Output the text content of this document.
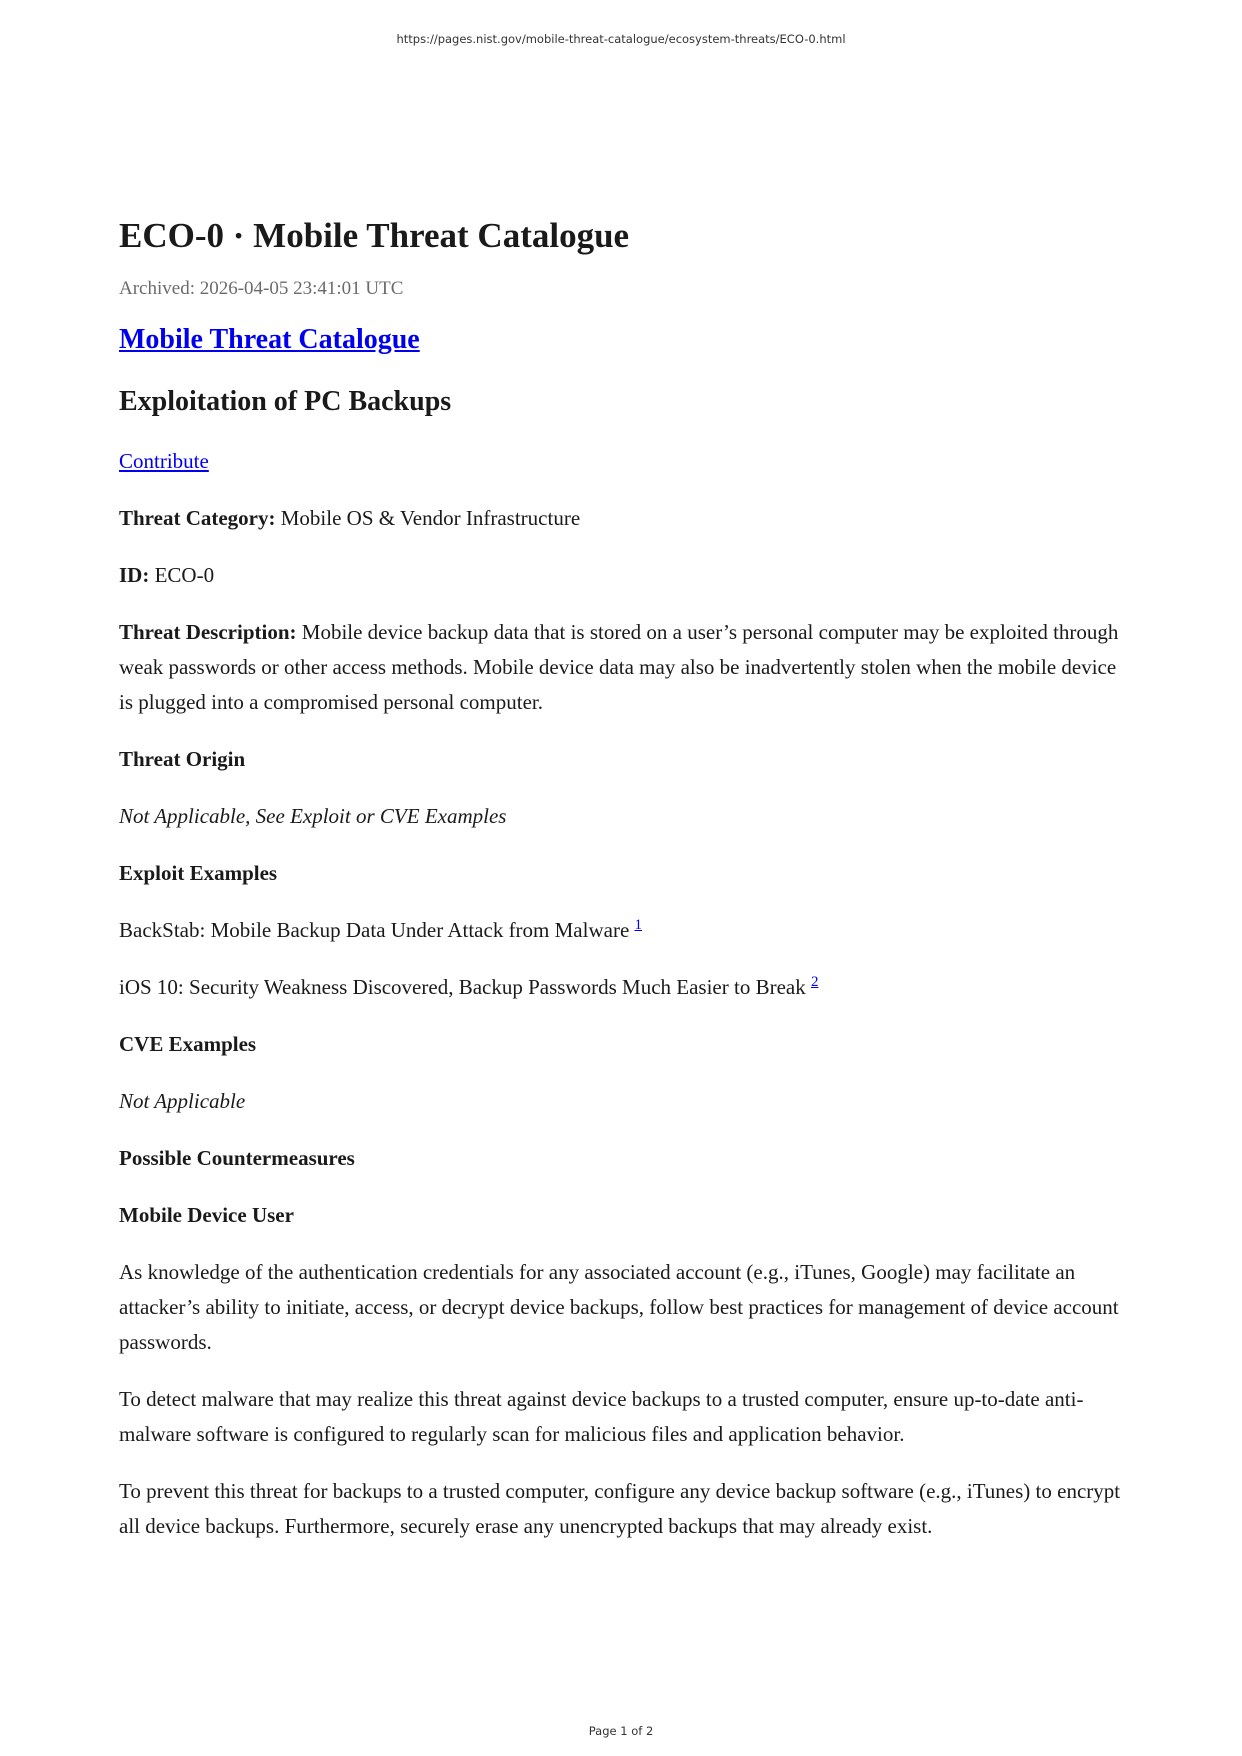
https://pages.nist.gov/mobile-threat-catalogue/ecosystem-threats/ECO-0.html
ECO-0 · Mobile Threat Catalogue
Archived: 2026-04-05 23:41:01 UTC
Mobile Threat Catalogue
Exploitation of PC Backups

Contribute

Threat Category: Mobile OS & Vendor Infrastructure

ID: ECO-0

Threat Description: Mobile device backup data that is stored on a user’s personal computer may be exploited through weak passwords or other access methods. Mobile device data may also be inadvertently stolen when the mobile device is plugged into a compromised personal computer.

Threat Origin

Not Applicable, See Exploit or CVE Examples

Exploit Examples

BackStab: Mobile Backup Data Under Attack from Malware $^1$

iOS 10: Security Weakness Discovered, Backup Passwords Much Easier to Break $^2$

CVE Examples

Not Applicable

Possible Countermeasures

Mobile Device User

As knowledge of the authentication credentials for any associated account (e.g., iTunes, Google) may facilitate an attacker’s ability to initiate, access, or decrypt device backups, follow best practices for management of device account passwords.

To detect malware that may realize this threat against device backups to a trusted computer, ensure up-to-date anti-malware software is configured to regularly scan for malicious files and application behavior.

To prevent this threat for backups to a trusted computer, configure any device backup software (e.g., iTunes) to encrypt all device backups. Furthermore, securely erase any unencrypted backups that may already exist.

Page 1 of 2
